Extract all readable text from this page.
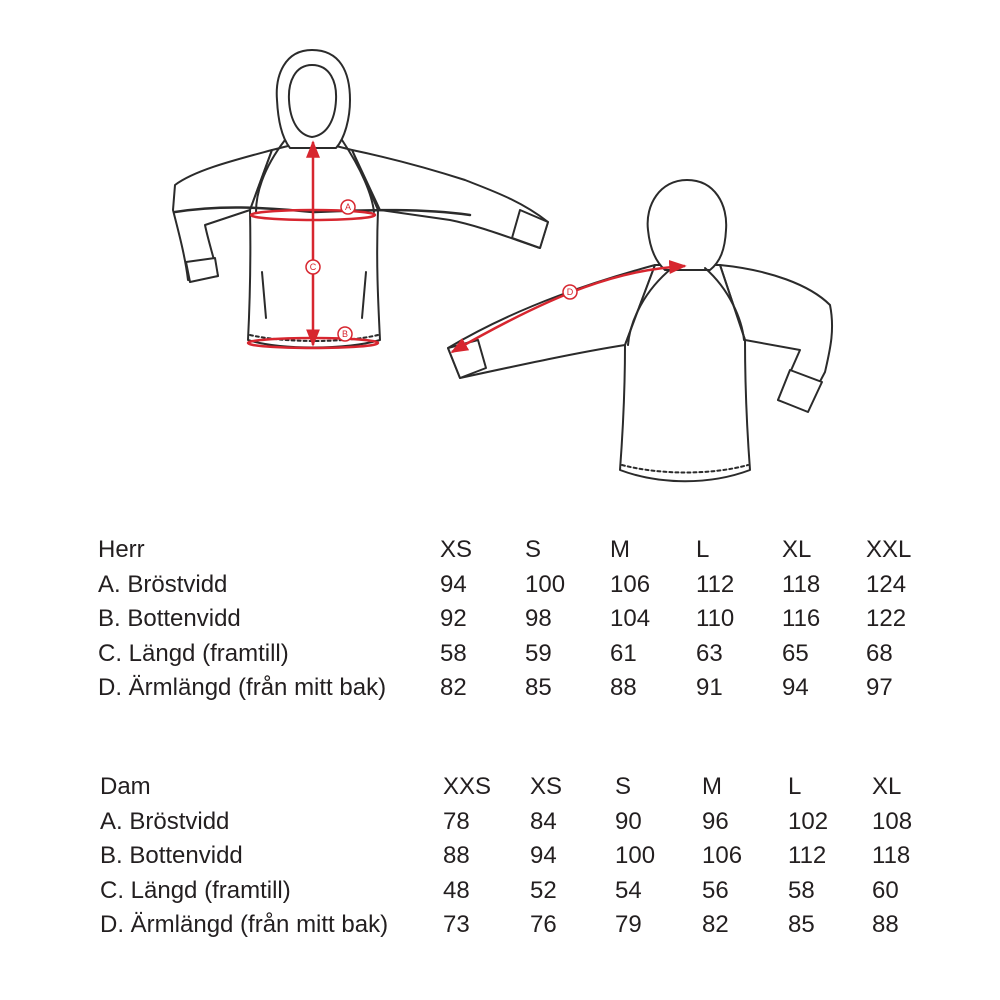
A
C
B
D
Herr	XS S	M	L	XL XXL
A. Bröstvidd	94 100 106 112 118 124
B. Bottenvidd	92 98 104 110 116 122
C. Längd (framtill)	58 59 61 63 65 68
D. Ärmlängd (från mitt bak) 82 85 88 91 94 97
Dam	XXS XS S	M	L	XL
A. Bröstvidd	78	84 90	96 102 108
B. Bottenvidd	88	94 100 106 112 118
C. Längd (framtill)	48	52 54	56 58 60
D. Ärmlängd (från mitt bak) 73	76 79	82 85 88
